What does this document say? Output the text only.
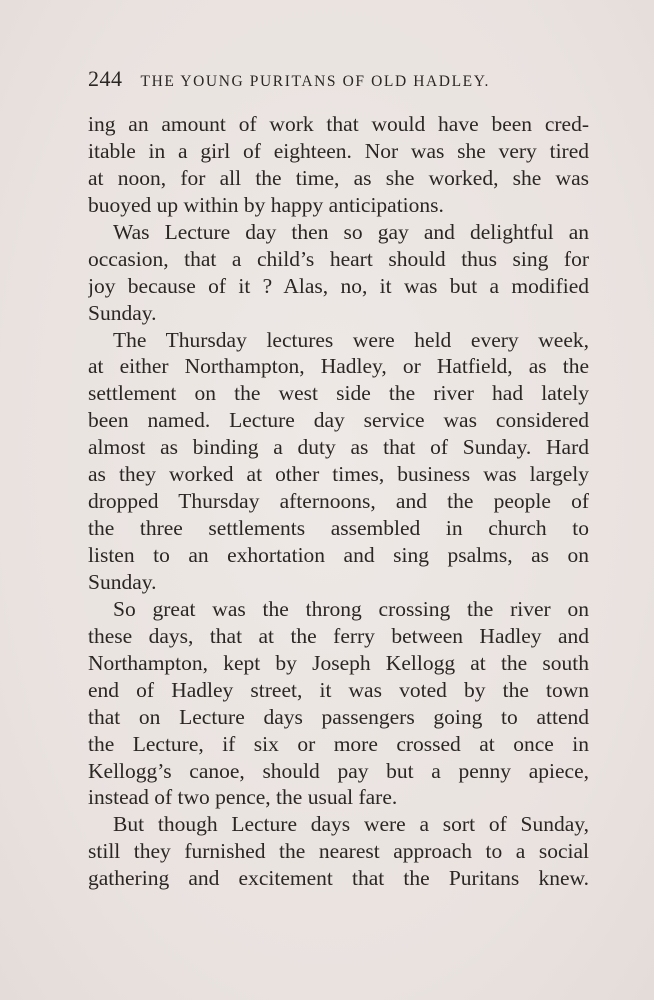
244 THE YOUNG PURITANS OF OLD HADLEY.
ing an amount of work that would have been cred-
itable in a girl of eighteen. Nor was she very tired
at noon, for all the time, as she worked, she was
buoyed up within by happy anticipations.
Was Lecture day then so gay and delightful an
occasion, that a child’s heart should thus sing for
joy because of it ? Alas, no, it was but a modified
Sunday.
The Thursday lectures were held every week,
at either Northampton, Hadley, or Hatfield, as the
settlement on the west side the river had lately
been named. Lecture day service was considered
almost as binding a duty as that of Sunday. Hard
as they worked at other times, business was largely
dropped Thursday afternoons, and the people of
the three settlements assembled in church to
listen to an exhortation and sing psalms, as on
Sunday.
So great was the throng crossing the river on
these days, that at the ferry between Hadley and
Northampton, kept by Joseph Kellogg at the south
end of Hadley street, it was voted by the town
that on Lecture days passengers going to attend
the Lecture, if six or more crossed at once in
Kellogg’s canoe, should pay but a penny apiece,
instead of two pence, the usual fare.
But though Lecture days were a sort of Sunday,
still they furnished the nearest approach to a social
gathering and excitement that the Puritans knew.
